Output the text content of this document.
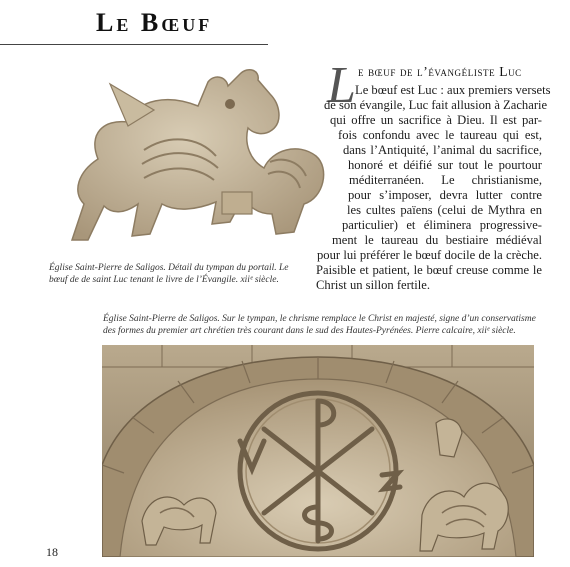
Le Bœuf
Église Saint-Pierre de Saligos. Détail du tympan du portail. Le bœuf de de saint Luc tenant le livre de l’Évangile. xiiᵉ siècle.
L e bœuf de l’évangéliste Luc
Le bœuf est Luc : aux premiers versets
de son évangile, Luc fait allusion à Zacharie
qui offre un sacrifice à Dieu. Il est par-
fois confondu avec le taureau qui est,
dans l’Antiquité, l’animal du sacrifice,
honoré et déifié sur tout le pourtour
méditerranéen. Le christianisme,
pour s’imposer, devra lutter contre
les cultes païens (celui de Mythra en
particulier) et éliminera progressive-
ment le taureau du bestiaire médiéval
pour lui préférer le bœuf docile de la crèche.
Paisible et patient, le bœuf creuse comme le
Christ un sillon fertile.
Église Saint-Pierre de Saligos. Sur le tympan, le chrisme remplace le Christ en majesté, signe d’un conservatisme des formes du premier art chrétien très courant dans le sud des Hautes-Pyrénées. Pierre calcaire, xiiᵉ siècle.
18
